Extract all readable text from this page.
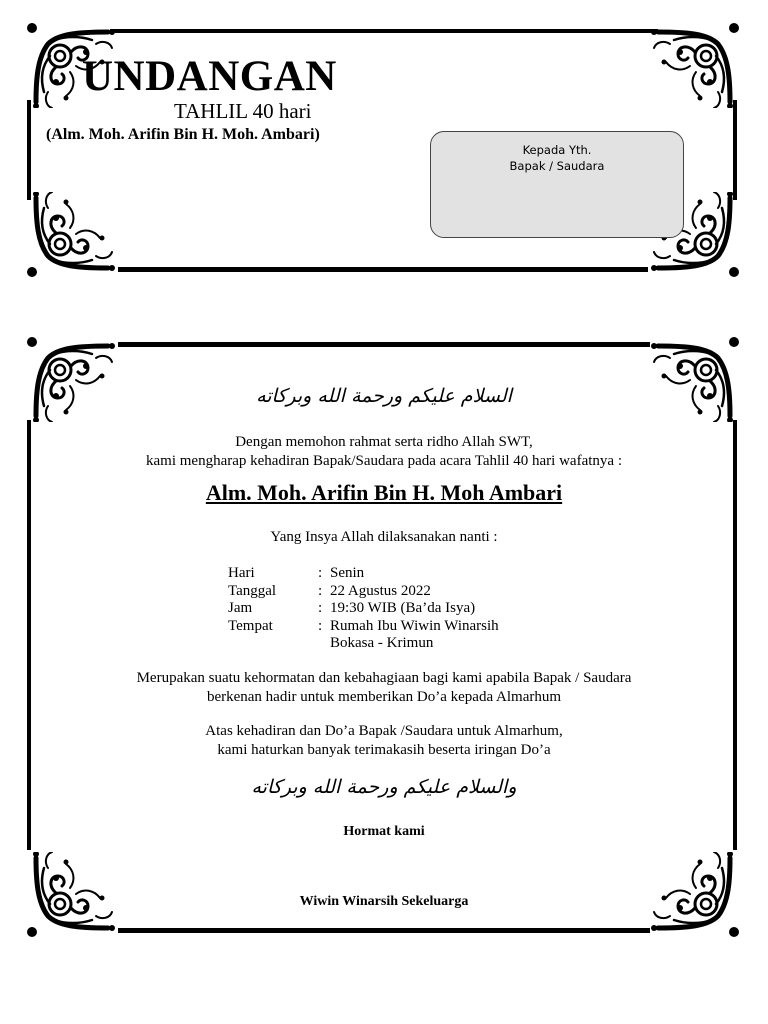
UNDANGAN
TAHLIL 40 hari
(Alm. Moh. Arifin Bin H. Moh. Ambari)
Kepada Yth.
Bapak / Saudara
السلام عليكم ورحمة الله وبركاته
Dengan memohon rahmat serta ridho Allah SWT,
kami mengharap kehadiran Bapak/Saudara pada acara Tahlil 40 hari wafatnya :
Alm. Moh. Arifin Bin H. Moh Ambari
Yang Insya Allah dilaksanakan nanti :
Hari	:	Senin
Tanggal	:	22 Agustus 2022
Jam	:	19:30 WIB (Ba’da Isya)
Tempat	:	Rumah Ibu Wiwin Winarsih
		Bokasa - Krimun
Merupakan suatu kehormatan dan kebahagiaan bagi kami apabila Bapak / Saudara
berkenan hadir untuk memberikan Do’a kepada Almarhum
Atas kehadiran dan Do’a Bapak /Saudara untuk Almarhum,
kami haturkan banyak terimakasih beserta iringan Do’a
والسلام عليكم ورحمة الله وبركاته
Hormat kami
Wiwin Winarsih Sekeluarga
